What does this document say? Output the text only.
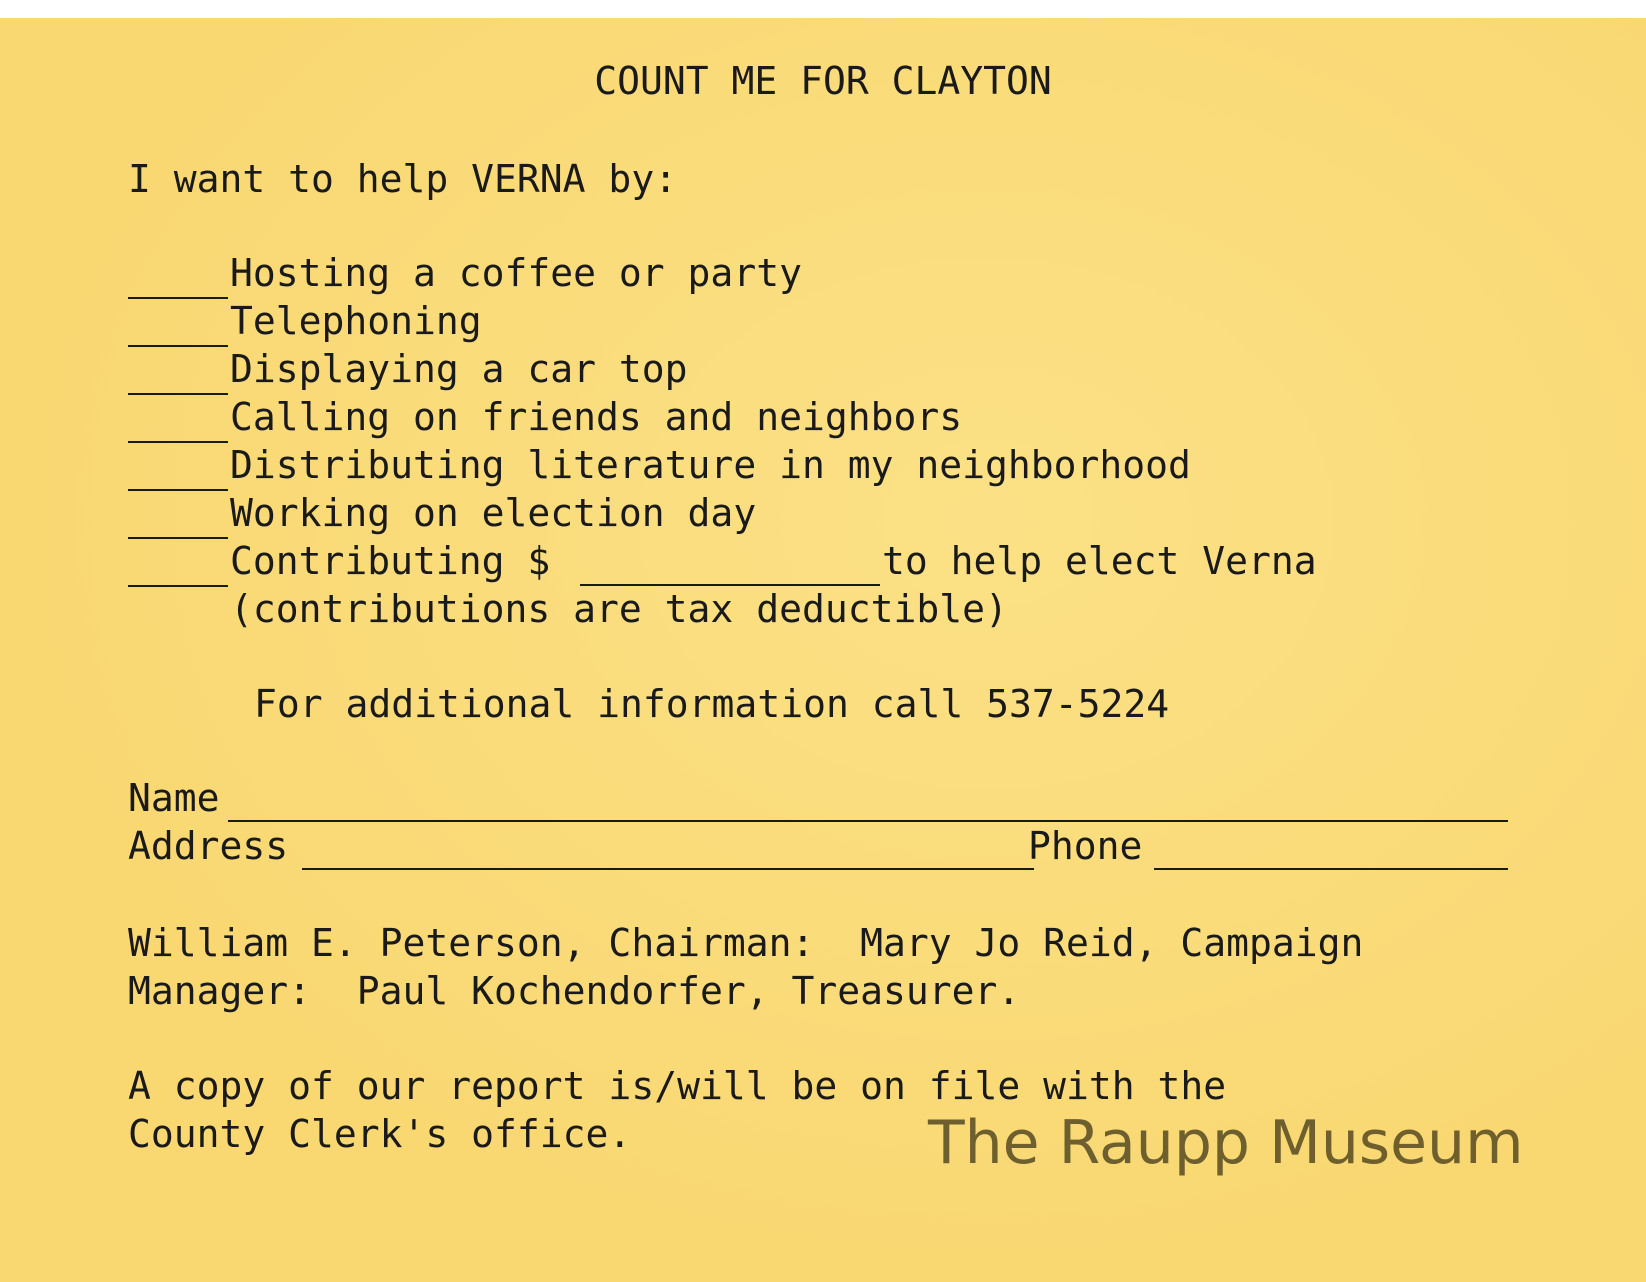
COUNT ME FOR CLAYTON
I want to help VERNA by:
Hosting a coffee or party
Telephoning
Displaying a car top
Calling on friends and neighbors
Distributing literature in my neighborhood
Working on election day
Contributing $	to help elect Verna
(contributions are tax deductible)
For additional information call 537-5224
Name
Address	Phone
William E. Peterson, Chairman:  Mary Jo Reid, Campaign
Manager:  Paul Kochendorfer, Treasurer.
A copy of our report is/will be on file with the
County Clerk's office.	The Raupp Museum
